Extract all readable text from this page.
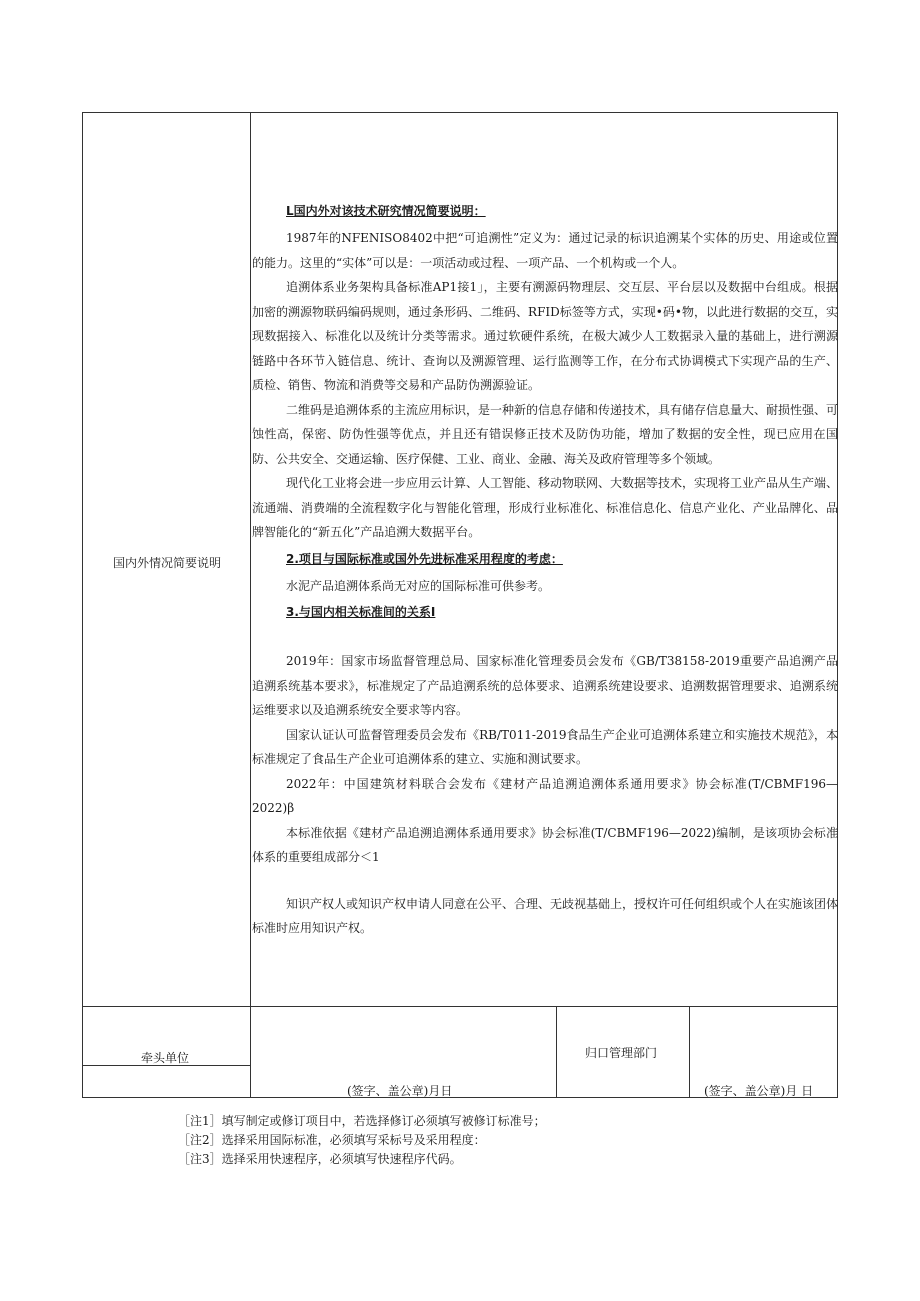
国内外情况简要说明

L国内外对该技术研究情况简要说明：

1987年的NFENISO8402中把“可追溯性”定义为：通过记录的标识追溯某个实体的历史、用途或位置的能力。这里的“实体”可以是：一项活动或过程、一项产品、一个机构或一个人。

追溯体系业务架构具备标准AP1接1」，主要有溯源码物理层、交互层、平台层以及数据中台组成。根据加密的溯源物联码编码规则，通过条形码、二维码、RFID标签等方式，实现•码•物，以此进行数据的交互，实现数据接入、标准化以及统计分类等需求。通过软硬件系统，在极大减少人工数据录入量的基础上，进行溯源链路中各环节入链信息、统计、查询以及溯源管理、运行监测等工作，在分布式协调模式下实现产品的生产、质检、销售、物流和消费等交易和产品防伪溯源验证。

二维码是追溯体系的主流应用标识，是一种新的信息存储和传递技术，具有储存信息量大、耐损性强、可蚀性高，保密、防伪性强等优点，并且还有错误修正技术及防伪功能，增加了数据的安全性，现已应用在国防、公共安全、交通运输、医疗保健、工业、商业、金融、海关及政府管理等多个领域。

现代化工业将会进一步应用云计算、人工智能、移动物联网、大数据等技术，实现将工业产品从生产端、流通端、消费端的全流程数字化与智能化管理，形成行业标准化、标准信息化、信息产业化、产业品牌化、品牌智能化的“新五化”产品追溯大数据平台。

2.项目与国际标准或国外先进标准采用程度的考虑：

水泥产品追溯体系尚无对应的国际标准可供参考。

3.与国内相关标准间的关系I

2019年：国家市场监督管理总局、国家标准化管理委员会发布《GB/T38158-2019重要产品追溯产品追溯系统基本要求》，标准规定了产品追溯系统的总体要求、追溯系统建设要求、追溯数据管理要求、追溯系统运维要求以及追溯系统安全要求等内容。

国家认证认可监督管理委员会发布《RB/T011-2019食品生产企业可追溯体系建立和实施技术规范》，本标准规定了食品生产企业可追溯体系的建立、实施和测试要求。

2022年：中国建筑材料联合会发布《建材产品追溯追溯体系通用要求》协会标准(T/CBMF196—2022)β

本标准依据《建材产品追溯追溯体系通用要求》协会标准(T/CBMF196—2022)编制，是该项协会标准体系的重要组成部分＜1

知识产权人或知识产权申请人同意在公平、合理、无歧视基础上，授权许可任何组织或个人在实施该团体标准时应用知识产权。

牵头单位
(签字、盖公章)月日
归口管理部门
(签字、盖公章)月 日
［注1］填写制定或修订项目中，若选择修订必须填写被修订标准号；
［注2］选择采用国际标准，必须填写采标号及采用程度：
［注3］选择采用快速程序，必须填写快速程序代码。
